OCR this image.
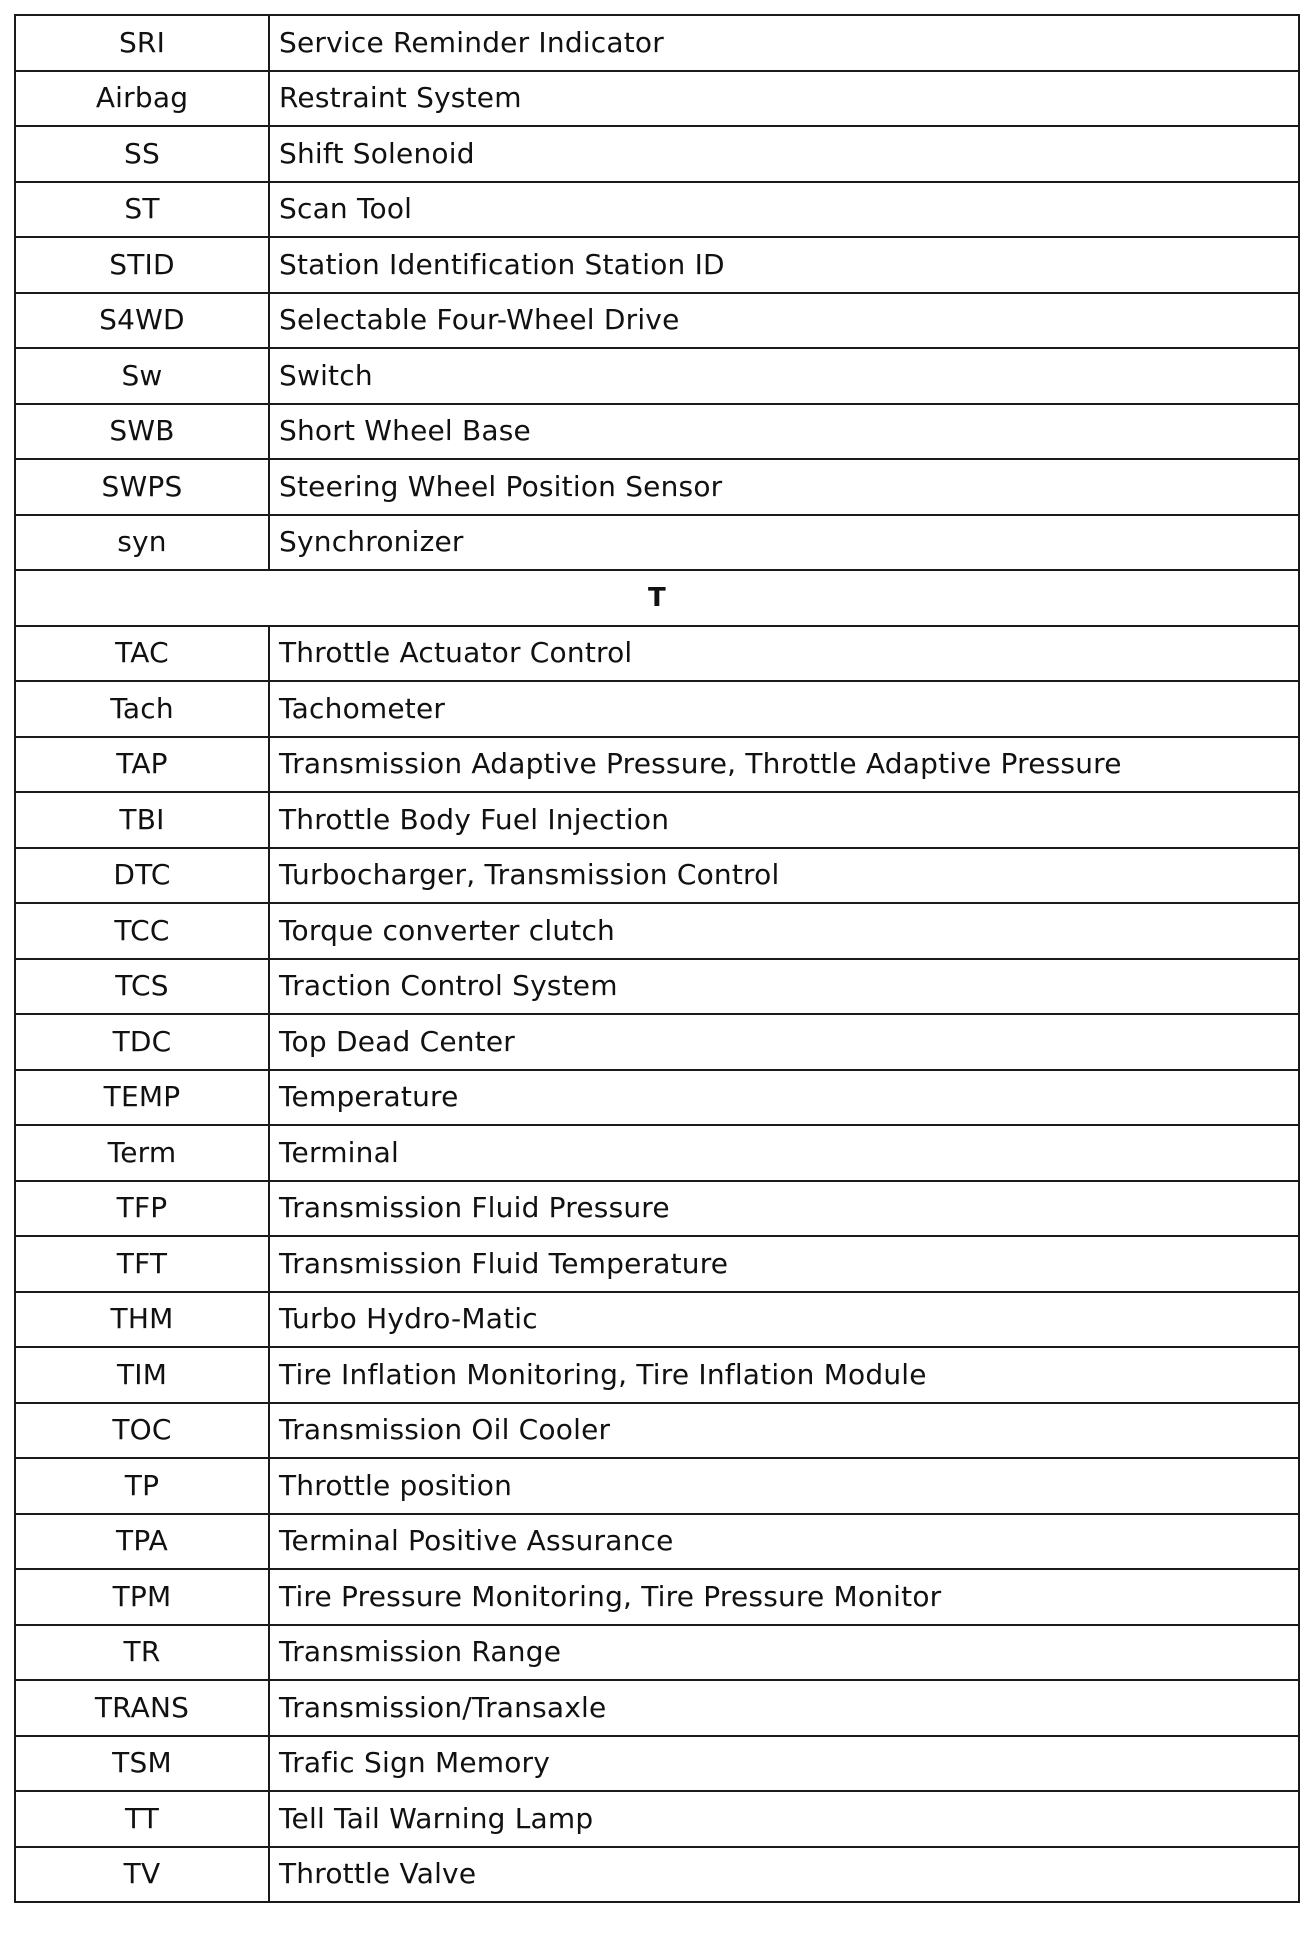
SRI	Service Reminder Indicator
Airbag	Restraint System
SS	Shift Solenoid
ST	Scan Tool
STID	Station Identification Station ID
S4WD	Selectable Four-Wheel Drive
Sw	Switch
SWB	Short Wheel Base
SWPS	Steering Wheel Position Sensor
syn	Synchronizer
T	
TAC	Throttle Actuator Control
Tach	Tachometer
TAP	Transmission Adaptive Pressure, Throttle Adaptive Pressure
TBI	Throttle Body Fuel Injection
DTC	Turbocharger, Transmission Control
TCC	Torque converter clutch
TCS	Traction Control System
TDC	Top Dead Center
TEMP	Temperature
Term	Terminal
TFP	Transmission Fluid Pressure
TFT	Transmission Fluid Temperature
THM	Turbo Hydro-Matic
TIM	Tire Inflation Monitoring, Tire Inflation Module
TOC	Transmission Oil Cooler
TP	Throttle position
TPA	Terminal Positive Assurance
TPM	Tire Pressure Monitoring, Tire Pressure Monitor
TR	Transmission Range
TRANS	Transmission/Transaxle
TSM	Trafic Sign Memory
TT	Tell Tail Warning Lamp
TV	Throttle Valve
